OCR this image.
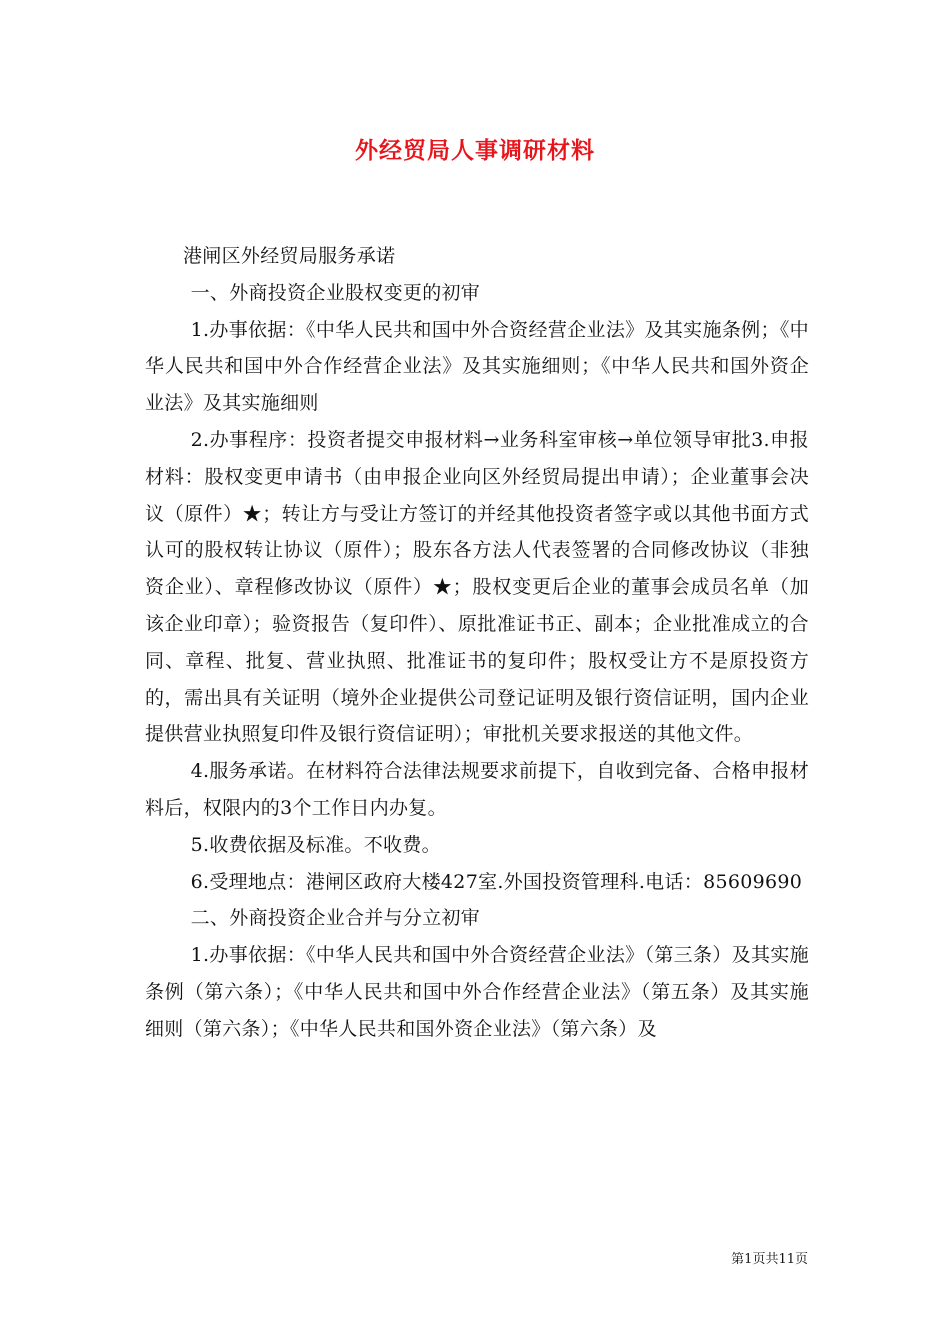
外经贸局人事调研材料

港闸区外经贸局服务承诺

一、外商投资企业股权变更的初审

1.办事依据：《中华人民共和国中外合资经营企业法》及其实施条例；《中华人民共和国中外合作经营企业法》及其实施细则；《中华人民共和国外资企业法》及其实施细则

2.办事程序：投资者提交申报材料→业务科室审核→单位领导审批3.申报材料：股权变更申请书（由申报企业向区外经贸局提出申请）；企业董事会决议（原件）★；转让方与受让方签订的并经其他投资者签字或以其他书面方式认可的股权转让协议（原件）；股东各方法人代表签署的合同修改协议（非独资企业）、章程修改协议（原件）★；股权变更后企业的董事会成员名单（加该企业印章）；验资报告（复印件）、原批准证书正、副本；企业批准成立的合同、章程、批复、营业执照、批准证书的复印件；股权受让方不是原投资方的，需出具有关证明（境外企业提供公司登记证明及银行资信证明，国内企业提供营业执照复印件及银行资信证明）；审批机关要求报送的其他文件。

4.服务承诺。在材料符合法律法规要求前提下，自收到完备、合格申报材料后，权限内的3个工作日内办复。

5.收费依据及标准。不收费。

6.受理地点：港闸区政府大楼427室.外国投资管理科.电话：85609690

二、外商投资企业合并与分立初审

1.办事依据：《中华人民共和国中外合资经营企业法》（第三条）及其实施条例（第六条）；《中华人民共和国中外合作经营企业法》（第五条）及其实施细则（第六条）；《中华人民共和国外资企业法》（第六条）及

第1页共11页
